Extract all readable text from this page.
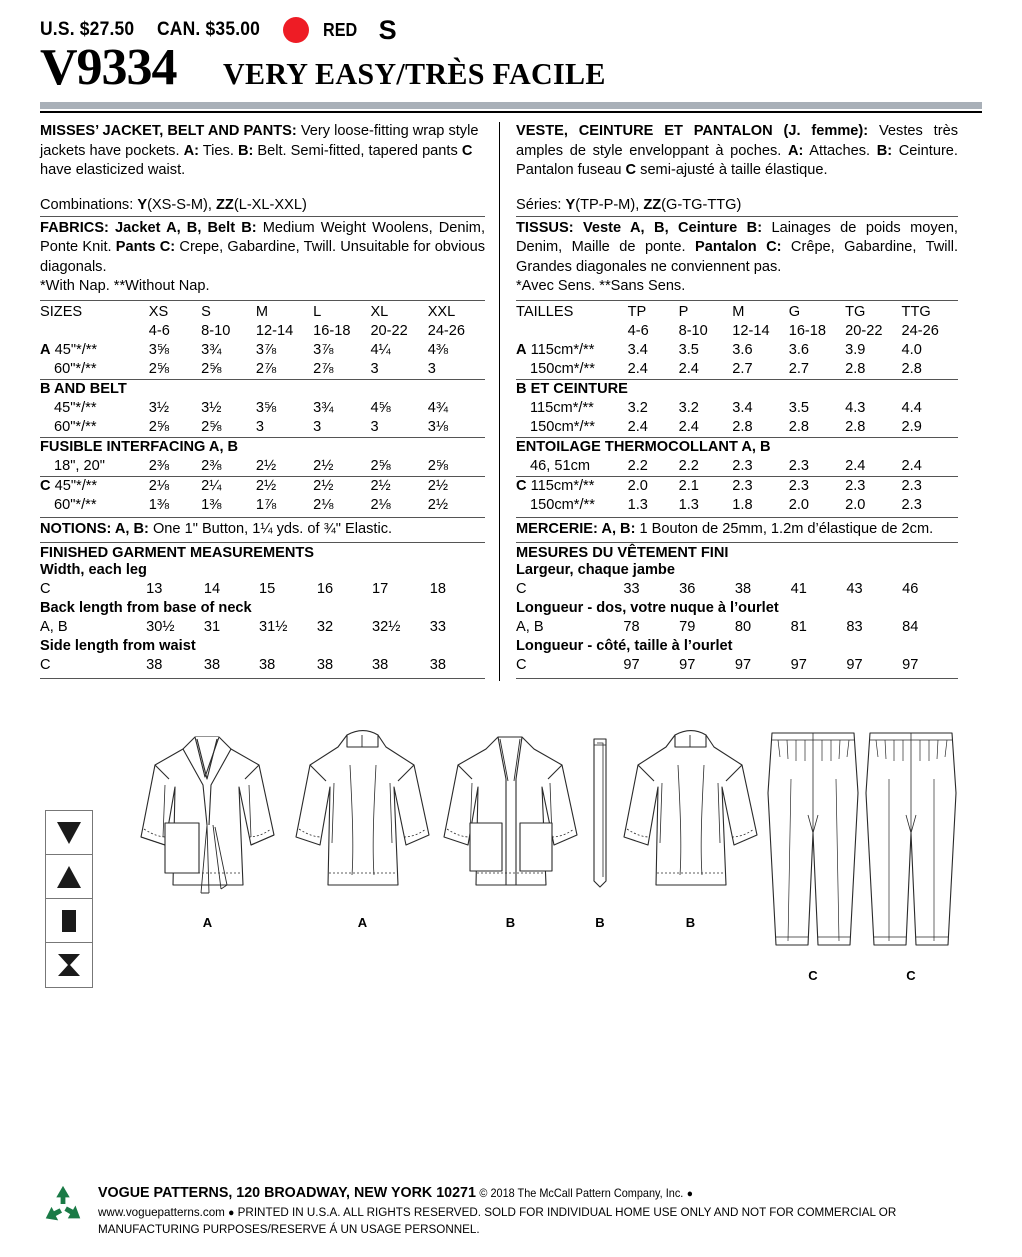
U.S. $27.50 CAN. $35.00	RED S
V9334 VERY EASY/TRÈS FACILE
MISSES’ JACKET, BELT AND PANTS: Very loose-fitting wrap style jackets have pockets. A: Ties. B: Belt. Semi-fitted, tapered pants C have elasticized waist.
Combinations: Y(XS-S-M), ZZ(L-XL-XXL)
FABRICS: Jacket A, B, Belt B: Medium Weight Woolens, Denim, Ponte Knit. Pants C: Crepe, Gabardine, Twill. Unsuitable for obvious diagonals.
*With Nap. **Without Nap.
SIZES	XS	S	M	L	XL	XXL
	4-6	8-10	12-14	16-18	20-22	24-26
A 45"*/**	3⅝	3¾	3⅞	3⅞	4¼	4⅜
60"*/**	2⅝	2⅝	2⅞	2⅞	3	3
B AND BELT						
45"*/**	3½	3½	3⅝	3¾	4⅝	4¾
60"*/**	2⅝	2⅝	3	3	3	3⅛
FUSIBLE INTERFACING A, B						
18", 20"	2⅜	2⅜	2½	2½	2⅝	2⅝
C 45"*/**	2⅛	2¼	2½	2½	2½	2½
60"*/**	1⅜	1⅜	1⅞	2⅛	2⅛	2½
NOTIONS: A, B: One 1" Button, 1¼ yds. of ¾" Elastic.
FINISHED GARMENT MEASUREMENTS
Width, each leg						
C	13	14	15	16	17	18
Back length from base of neck						
A, B	30½	31	31½	32	32½	33
Side length from waist						
C	38	38	38	38	38	38
VESTE, CEINTURE ET PANTALON (J. femme): Vestes très amples de style enveloppant à poches. A: Attaches. B: Ceinture. Pantalon fuseau C semi-ajusté à taille élastique.
Séries: Y(TP-P-M), ZZ(G-TG-TTG)
TISSUS: Veste A, B, Ceinture B: Lainages de poids moyen, Denim, Maille de ponte. Pantalon C: Crêpe, Gabardine, Twill. Grandes diagonales ne conviennent pas.
*Avec Sens. **Sans Sens.
TAILLES	TP	P	M	G	TG	TTG
	4-6	8-10	12-14	16-18	20-22	24-26
A 115cm*/**	3.4	3.5	3.6	3.6	3.9	4.0
150cm*/**	2.4	2.4	2.7	2.7	2.8	2.8
B ET CEINTURE						
115cm*/**	3.2	3.2	3.4	3.5	4.3	4.4
150cm*/**	2.4	2.4	2.8	2.8	2.8	2.9
ENTOILAGE THERMOCOLLANT A, B						
46, 51cm	2.2	2.2	2.3	2.3	2.4	2.4
C 115cm*/**	2.0	2.1	2.3	2.3	2.3	2.3
150cm*/**	1.3	1.3	1.8	2.0	2.0	2.3
MERCERIE: A, B: 1 Bouton de 25mm, 1.2m d’élastique de 2cm.
MESURES DU VÊTEMENT FINI
Largeur, chaque jambe						
C	33	36	38	41	43	46
Longueur - dos, votre nuque à l’ourlet						
A, B	78	79	80	81	83	84
Longueur - côté, taille à l’ourlet						
C	97	97	97	97	97	97
A	A	B	B	B
C	C
VOGUE PATTERNS, 120 BROADWAY, NEW YORK 10271 © 2018 The McCall Pattern Company, Inc. ●
www.voguepatterns.com ● PRINTED IN U.S.A. ALL RIGHTS RESERVED. SOLD FOR INDIVIDUAL HOME USE ONLY AND NOT FOR COMMERCIAL OR MANUFACTURING PURPOSES/RESERVE Á UN USAGE PERSONNEL.
